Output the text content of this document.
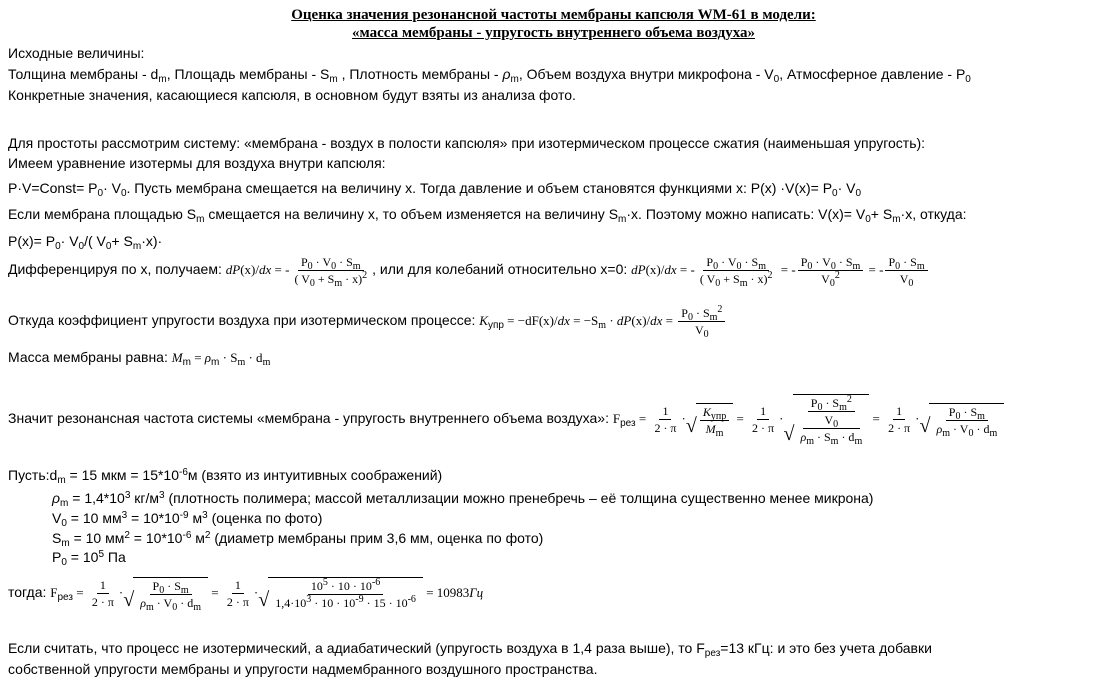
Оценка значения резонансной частоты мембраны капсюля WM-61 в модели:
«масса мембраны - упругость внутреннего объема воздуха»
Исходные величины:
Толщина мембраны - $d_m$, Площадь мембраны - $S_m$ , Плотность мембраны - $\rho_m$, Объем воздуха внутри микрофона - $V_0$, Атмосферное давление - $P_0$
Конкретные значения, касающиеся капсюля, в основном будут взяты из анализа фото.
Для простоты рассмотрим систему: «мембрана - воздух в полости капсюля» при изотермическом процессе сжатия (наименьшая упругость):
Имеем уравнение изотермы для воздуха внутри капсюля:
P·V=Const= $P_0\cdot V_0$. Пусть мембрана смещается на величину х. Тогда давление и объем становятся функциями х: $P(x) \cdot V(x)= P_0\cdot V_0$
Если мембрана площадью $S_m$ смещается на величину х, то объем изменяется на величину $S_m\cdot х$. Поэтому можно написать: $V(x)= V_0+ S_m\cdot x$, откуда:
$P(x)= P_0\cdot V_0/$( $V_0+ S_m\cdot x)\cdot$
Дифференцируя по х, получаем: dP(x)/dx = - $\frac{P_0 \cdot V_0 \cdot S_m}{( V_0 + S_m \cdot x)^2}$ , или для колебаний относительно х=0: dP(x)/dx = - $\frac{P_0 \cdot V_0 \cdot S_m}{( V_0 + S_m \cdot x)^2}$ = - $\frac{P_0 \cdot V_0 \cdot S_m}{V_0^2}$ = - $\frac{P_0 \cdot S_m}{V_0}$
Откуда коэффициент упругости воздуха при изотермическом процессе: $K_{упр} = -dF(x)/dx = -S_m \cdot dP(x)/dx = \frac{P_0 \cdot S_m^2}{V_0}$
Масса мембраны равна: $M_m = \rho_m \cdot S_m \cdot d_m$
Значит резонансная частота системы «мембрана - упругость внутреннего объема воздуха»: $F_{рез} = \frac{1}{2 \cdot \pi}$ · √ $\frac{K_{упр}}{M_m} = \frac{1}{2 \cdot \pi}$ ·
√ $\frac{\frac{P_0 \cdot S_m^2}{V_0}}{\rho_m \cdot S_m \cdot d_m} = \frac{1}{2 \cdot \pi}$ · √ $\frac{P_0 \cdot S_m}{\rho_m \cdot V_0 \cdot d_m}$
$Пусть:d_m = 15$ мкм = $15*10^{-6}м$ (взято из интуитивных соображений)
$\rho_m = 1,4*10^3$ $кг/м^3$ (плотность полимера; массой металлизации можно пренебречь – её толщина существенно менее микрона)
$V_0 = 10$ $мм^3 = 10*10^{-9}$ $м^3$ (оценка по фото)
$S_m = 10$ $мм^2 = 10*10^{-6}$ $м^2$ (диаметр мембраны прим 3,6 мм, оценка по фото)
$P_0 = 10^5$ Па
тогда: $F_{рез} = \frac{1}{2 \cdot \pi}$ · √ $\frac{P_0 \cdot S_m}{\rho_m \cdot V_0 \cdot d_m} = \frac{1}{2 \cdot \pi}$ · √ $\frac{10^5 \cdot 10 \cdot 10^{-6}}{1,4\cdot 10^3 \cdot 10 \cdot 10^{-9} \cdot 15 \cdot 10^{-6}} = 10983Гц$
Если считать, что процесс не изотермический, а адиабатический (упругость воздуха в 1,4 раза выше), то $F_{рез}=13$ кГц: и это без учета добавки
собственной упругости мембраны и упругости надмембранного воздушного пространства.
